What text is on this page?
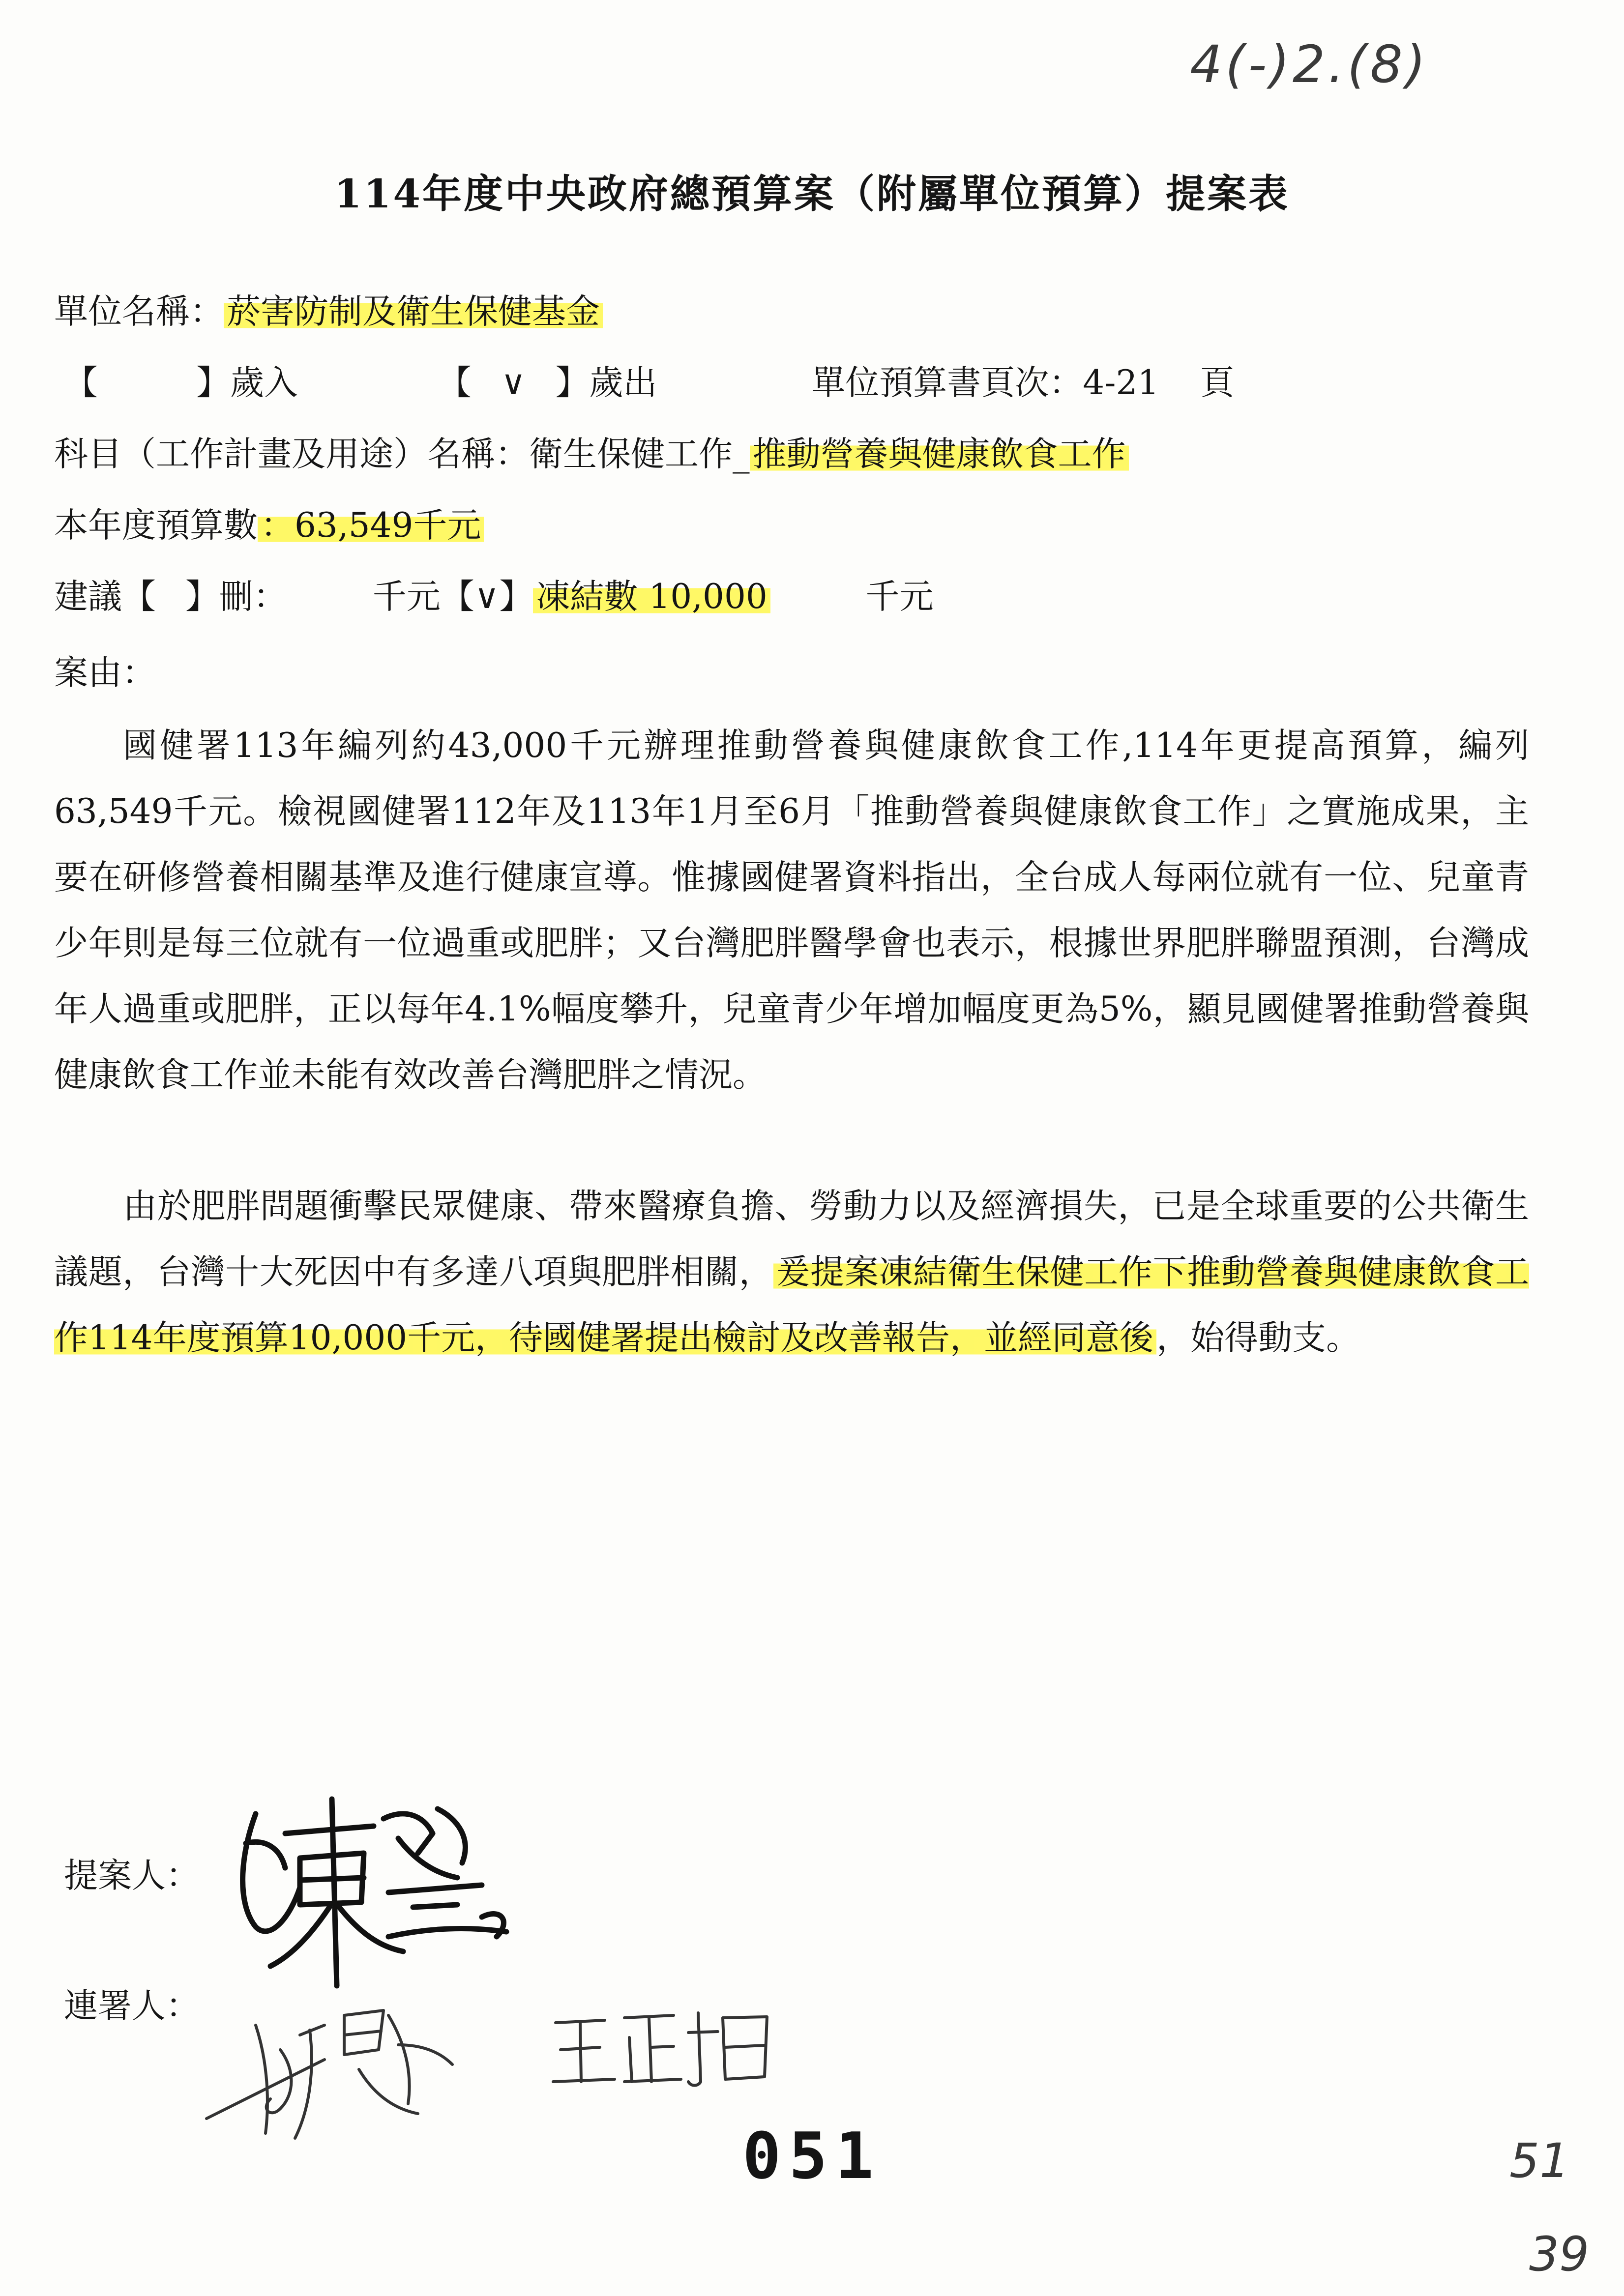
4(-)2.(8)
114年度中央政府總預算案（附屬單位預算）提案表
單位名稱：菸害防制及衛生保健基金
【	】歲入	【 ∨ 】歲出	單位預算書頁次：4-21 頁
科目（工作計畫及用途）名稱：衛生保健工作_推動營養與健康飲食工作
本年度預算數：63,549千元
建議【 】刪：	千元【∨】凍結數 10,000	千元
案由：

國健署113年編列約43,000千元辦理推動營養與健康飲食工作,114年更提高預算，編列63,549千元。檢視國健署112年及113年1月至6月「推動營養與健康飲食工作」之實施成果，主要在研修營養相關基準及進行健康宣導。惟據國健署資料指出，全台成人每兩位就有一位、兒童青少年則是每三位就有一位過重或肥胖；又台灣肥胖醫學會也表示，根據世界肥胖聯盟預測，台灣成年人過重或肥胖，正以每年4.1%幅度攀升，兒童青少年增加幅度更為5%，顯見國健署推動營養與健康飲食工作並未能有效改善台灣肥胖之情況。

由於肥胖問題衝擊民眾健康、帶來醫療負擔、勞動力以及經濟損失，已是全球重要的公共衛生議題，台灣十大死因中有多達八項與肥胖相關，爰提案凍結衛生保健工作下推動營養與健康飲食工作114年度預算10,000千元，待國健署提出檢討及改善報告，並經同意後，始得動支。

提案人：
連署人：
051	51
39
